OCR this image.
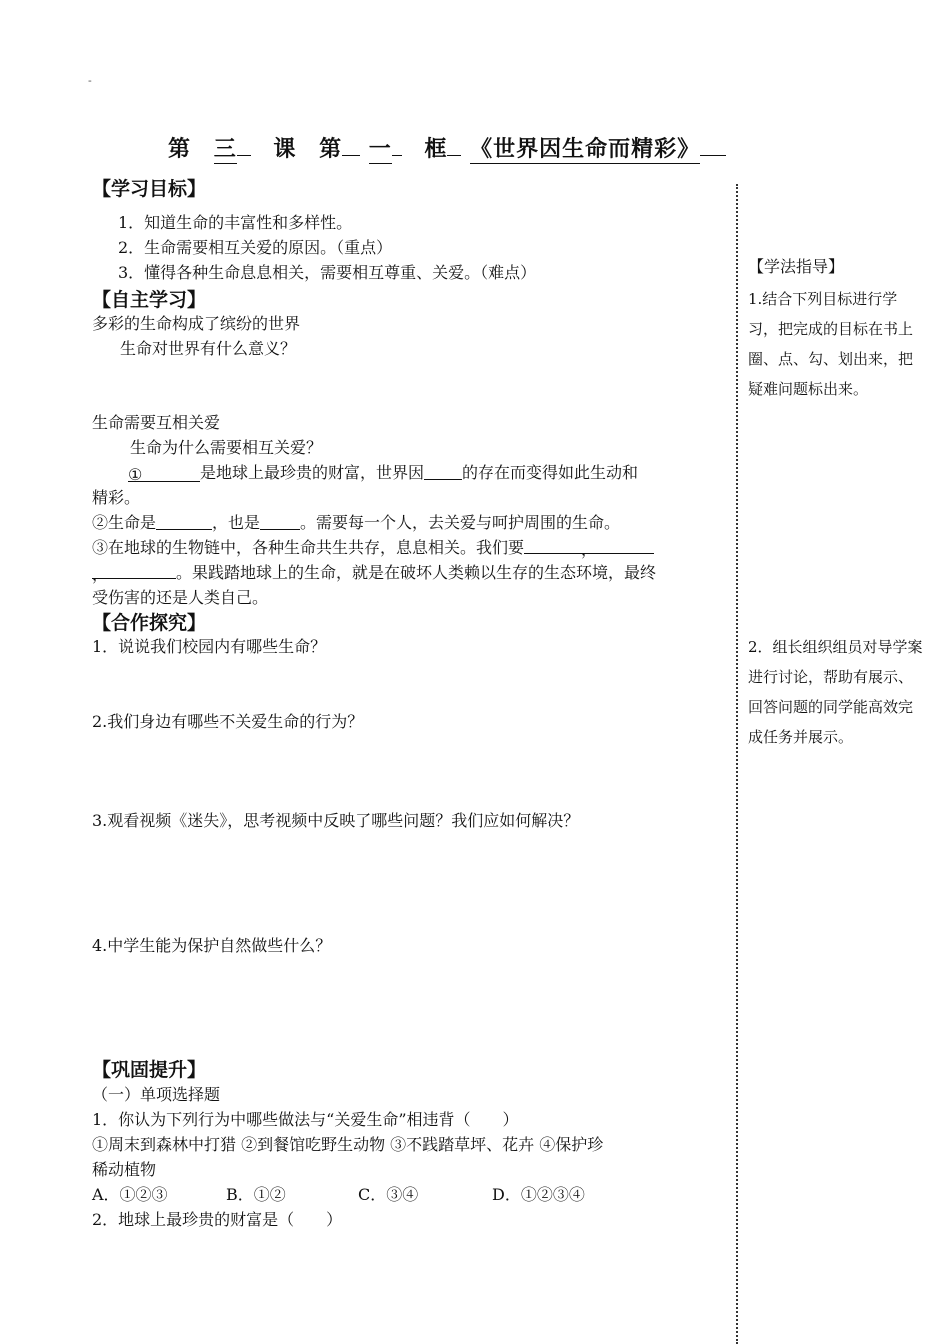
-
第 三 课 第 一 框 《世界因生命而精彩》
【学习目标】
1．知道生命的丰富性和多样性。
2．生命需要相互关爱的原因。（重点）
3．懂得各种生命息息相关，需要相互尊重、关爱。（难点）
【自主学习】
多彩的生命构成了缤纷的世界
生命对世界有什么意义？
生命需要互相关爱
生命为什么需要相互关爱？
①	是地球上最珍贵的财富，世界因 的存在而变得如此生动和
精彩。
②生命是	，也是	。需要每一个人，去关爱与呵护周围的生命。
③在地球的生物链中，各种生命共生共存，息息相关。我们要	，
，	。果践踏地球上的生命，就是在破坏人类赖以生存的生态环境，最终
受伤害的还是人类自己。
【合作探究】
1．说说我们校园内有哪些生命？
2.我们身边有哪些不关爱生命的行为？
3.观看视频《迷失》，思考视频中反映了哪些问题？我们应如何解决？
4.中学生能为保护自然做些什么？
【巩固提升】
（一）单项选择题
1．你认为下列行为中哪些做法与“关爱生命”相违背（　　）
①周末到森林中打猎 ②到餐馆吃野生动物 ③不践踏草坪、花卉 ④保护珍
稀动植物
A．①②③	B．①②	C．③④	D．①②③④
2．地球上最珍贵的财富是（　　）
【学法指导】
1.结合下列目标进行学习，把完成的目标在书上圈、点、勾、划出来，把疑难问题标出来。
2．组长组织组员对导学案进行讨论，帮助有展示、回答问题的同学能高效完成任务并展示。
